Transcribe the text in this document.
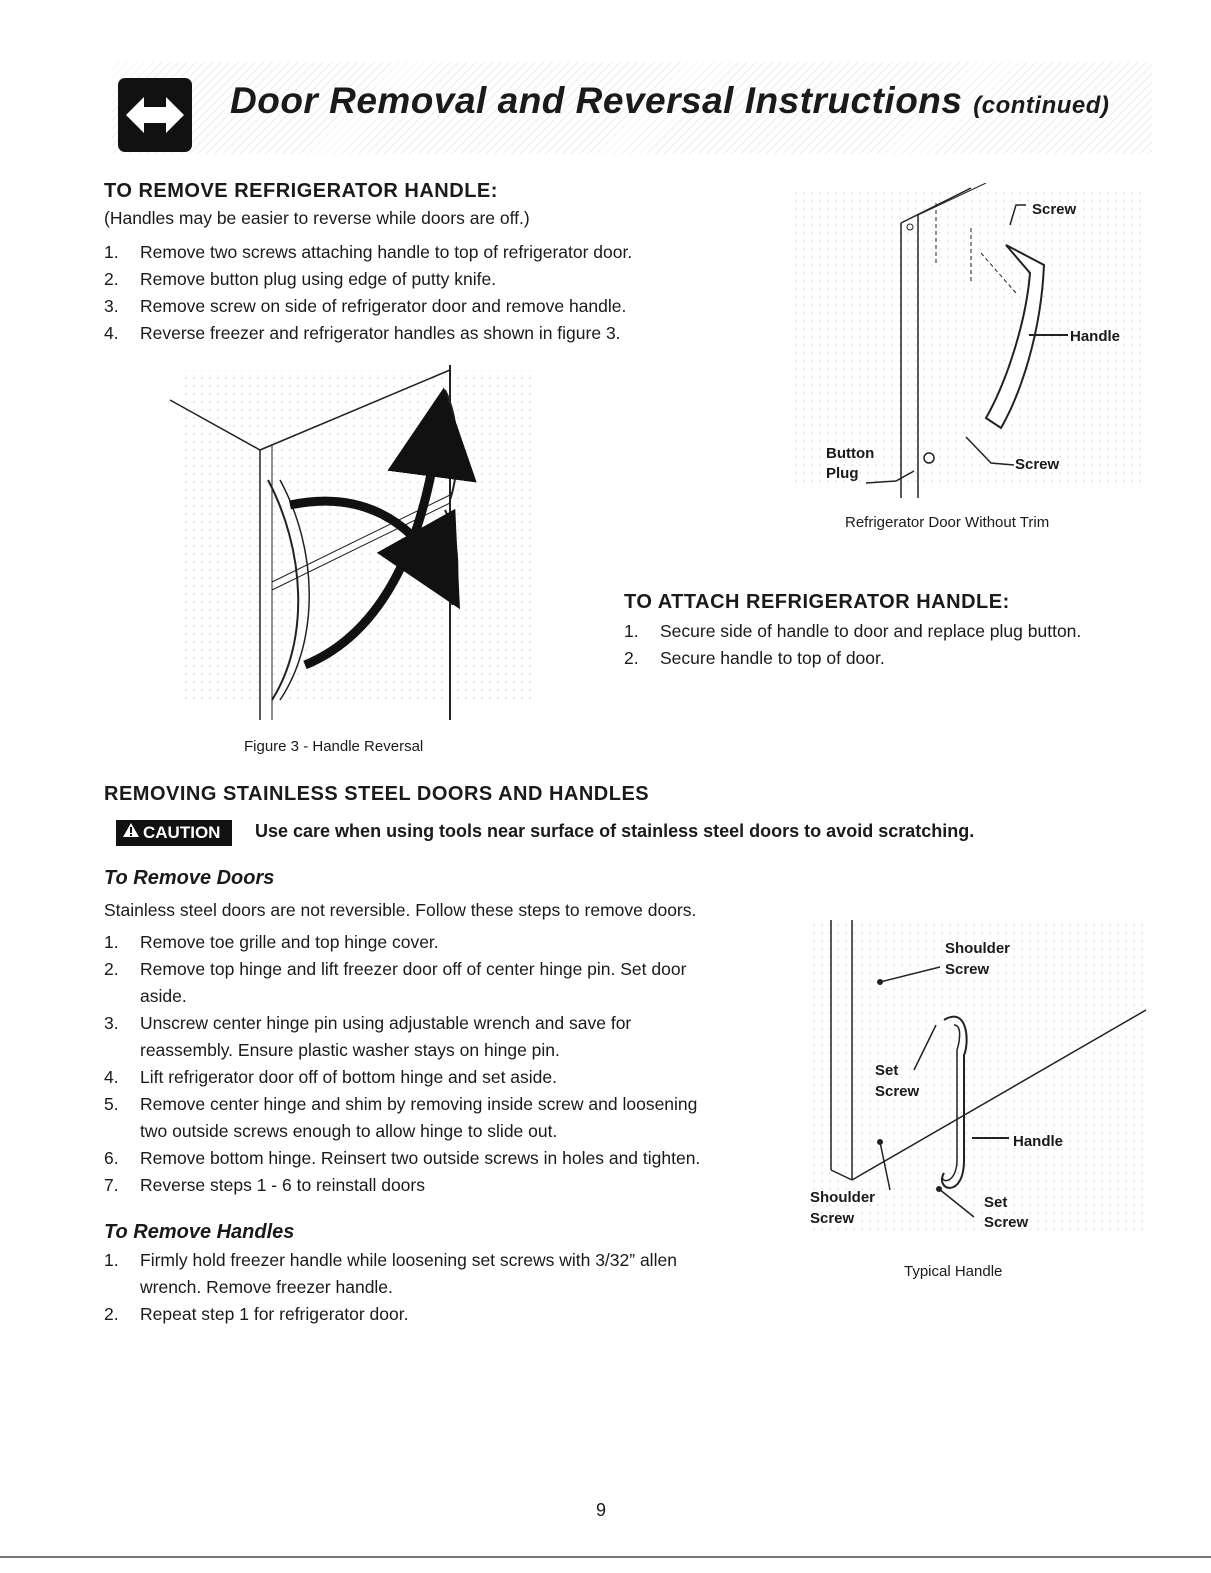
Door Removal and Reversal Instructions (continued)
TO REMOVE REFRIGERATOR HANDLE:
(Handles may be easier to reverse while doors are off.)
1. Remove two screws attaching handle to top of refrigerator door.
2. Remove button plug using edge of putty knife.
3. Remove screw on side of refrigerator door and remove handle.
4. Reverse freezer and refrigerator handles as shown in figure 3.
Figure 3 - Handle Reversal
Screw
Handle
Button
Plug
Screw
Refrigerator Door Without Trim
TO ATTACH REFRIGERATOR HANDLE:
1. Secure side of handle to door and replace plug button.
2. Secure handle to top of door.
REMOVING STAINLESS STEEL DOORS AND HANDLES
CAUTION	Use care when using tools near surface of stainless steel doors to avoid scratching.
To Remove Doors
Stainless steel doors are not reversible. Follow these steps to remove doors.
1. Remove toe grille and top hinge cover.
2. Remove top hinge and lift freezer door off of center hinge pin. Set door
aside.
3. Unscrew center hinge pin using adjustable wrench and save for
reassembly. Ensure plastic washer stays on hinge pin.
4. Lift refrigerator door off of bottom hinge and set aside.
5. Remove center hinge and shim by removing inside screw and loosening
two outside screws enough to allow hinge to slide out.
6. Remove bottom hinge. Reinsert two outside screws in holes and tighten.
7. Reverse steps 1 - 6 to reinstall doors
To Remove Handles
1. Firmly hold freezer handle while loosening set screws with 3/32” allen
wrench. Remove freezer handle.
2. Repeat step 1 for refrigerator door.
Shoulder
Screw
Set
Screw
Handle
Shoulder
Screw
Set
Screw
Typical Handle
9
